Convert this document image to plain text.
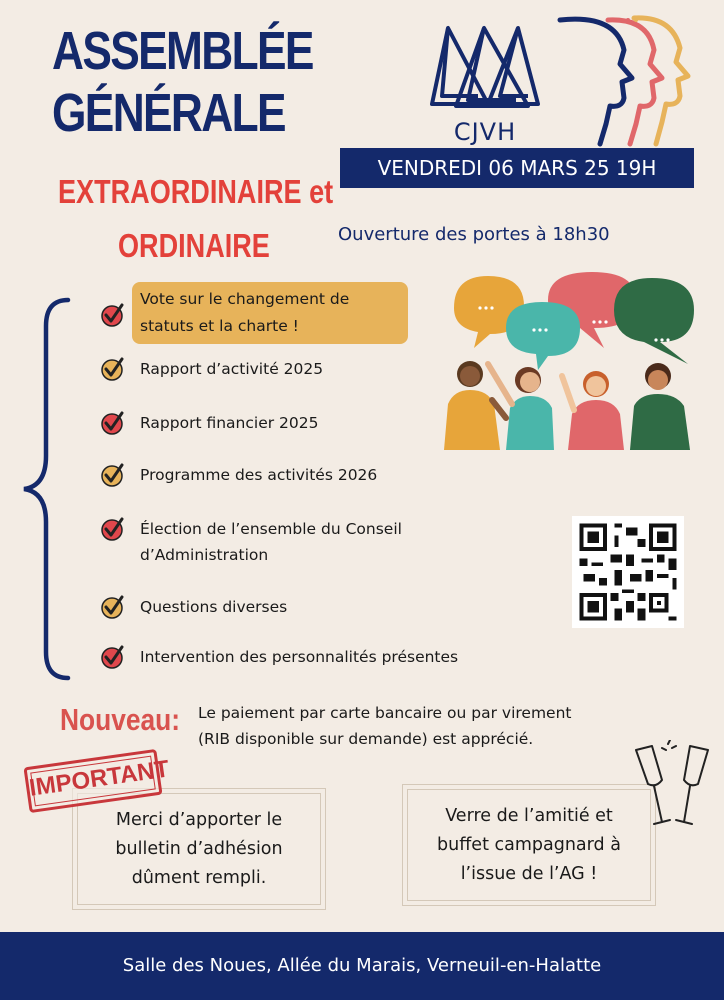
ASSEMBLÉE
GÉNÉRALE
EXTRAORDINAIRE et
ORDINAIRE
CJVH
VENDREDI 06 MARS 25 19H
Ouverture des portes à 18h30
Vote sur le changement de
statuts et la charte !
Rapport d’activité 2025
Rapport financier 2025
Programme des activités 2026
Élection de l’ensemble du Conseil
d’Administration
Questions diverses
Intervention des personnalités présentes
Nouveau: Le paiement par carte bancaire ou par virement
(RIB disponible sur demande) est apprécié.
Merci d’apporter le
bulletin d’adhésion
dûment rempli.
IMPORTANT
Verre de l’amitié et
buffet campagnard à
l’issue de l’AG !
Salle des Noues, Allée du Marais, Verneuil-en-Halatte
